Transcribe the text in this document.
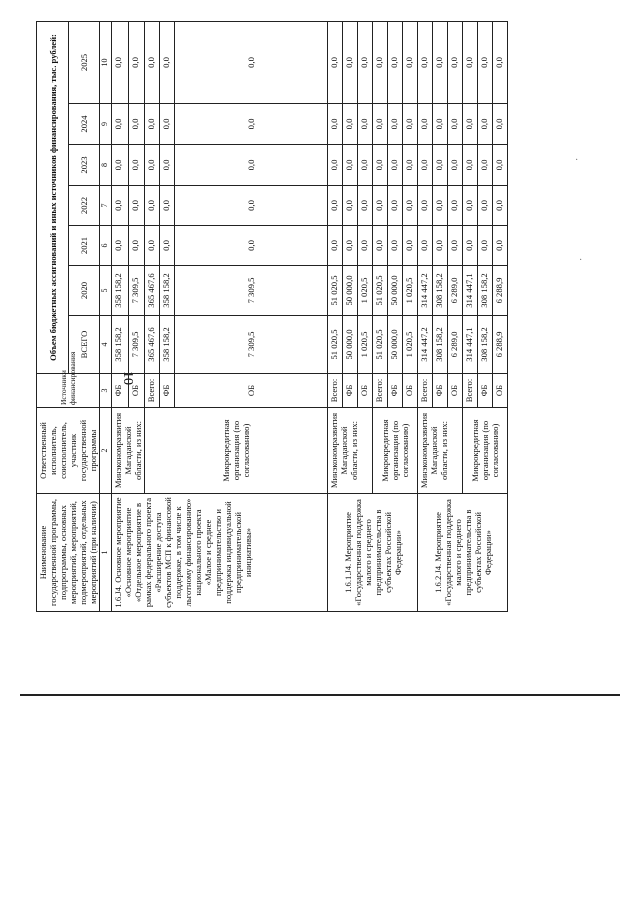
10
·
·
Наименование государственной программы, подпрограммы, основных мероприятий, мероприятий, подмероприятий, отдельных мероприятий (при наличии)	Ответственный исполнитель, соисполнитель, участник государственной программы	Источники финансирования	Объем бюджетных ассигнований и иных источников финансирования, тыс. рублей:						
			ВСЕГО	2020	2021	2022	2023	2024	2025
1	2	3	4	5	6	7	8	9	10
1.6.J4. Основное мероприятие «Основное мероприятие «Отдельное мероприятие в рамках федерального проекта «Расширение доступа субъектов МСП к финансовой поддержке, в том числе к льготному финансированию» национального проекта «Малое и среднее предпринимательство и поддержка индивидуальной предпринимательской инициативы»	Минэкономразвития Магаданской области, из них:	ФБ	358 158,2	358 158,2	0,0	0,0	0,0	0,0	0,0
		ОБ	7 309,5	7 309,5	0,0	0,0	0,0	0,0	0,0
	Микрокредитная организация (по согласованию)	Всего:	365 467,6	365 467,6	0,0	0,0	0,0	0,0	0,0
		ФБ	358 158,2	358 158,2	0,0	0,0	0,0	0,0	0,0
		ОБ	7 309,5	7 309,5	0,0	0,0	0,0	0,0	0,0
1.6.1.J4. Мероприятие «Государственная поддержка малого и среднего предпринимательства в субъектах Российской Федерации»	Минэкономразвития Магаданской области, из них:	Всего:	51 020,5	51 020,5	0,0	0,0	0,0	0,0	0,0
		ФБ	50 000,0	50 000,0	0,0	0,0	0,0	0,0	0,0
		ОБ	1 020,5	1 020,5	0,0	0,0	0,0	0,0	0,0
	Микрокредитная организация (по согласованию)	Всего:	51 020,5	51 020,5	0,0	0,0	0,0	0,0	0,0
		ФБ	50 000,0	50 000,0	0,0	0,0	0,0	0,0	0,0
		ОБ	1 020,5	1 020,5	0,0	0,0	0,0	0,0	0,0
1.6.2.J4. Мероприятие «Государственная поддержка малого и среднего предпринимательства в субъектах Российской Федерации»	Минэкономразвития Магаданской области, из них:	Всего:	314 447,2	314 447,2	0,0	0,0	0,0	0,0	0,0
		ФБ	308 158,2	308 158,2	0,0	0,0	0,0	0,0	0,0
		ОБ	6 289,0	6 289,0	0,0	0,0	0,0	0,0	0,0
	Микрокредитная организация (по согласованию)	Всего:	314 447,1	314 447,1	0,0	0,0	0,0	0,0	0,0
		ФБ	308 158,2	308 158,2	0,0	0,0	0,0	0,0	0,0
		ОБ	6 288,9	6 288,9	0,0	0,0	0,0	0,0	0,0
